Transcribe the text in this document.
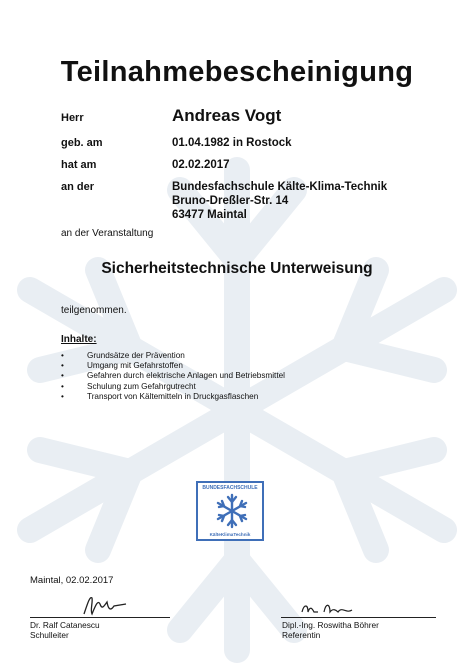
Teilnahmebescheinigung
Herr	Andreas Vogt
geb. am	01.04.1982 in Rostock
hat am	02.02.2017
an der	Bundesfachschule Kälte-Klima-Technik
Bruno-Dreßler-Str. 14
63477 Maintal
an der Veranstaltung
Sicherheitstechnische Unterweisung
teilgenommen.
Inhalte:
•	Grundsätze der Prävention
•	Umgang mit Gefahrstoffen
•	Gefahren durch elektrische Anlagen und Betriebsmittel
•	Schulung zum Gefahrgutrecht
•	Transport von Kältemitteln in Druckgasflaschen
BUNDESFACHSCHULE
KälteKlimaTechnik
Maintal, 02.02.2017
Dr. Ralf Catanescu
Schulleiter
Dipl.-Ing. Roswitha Böhrer
Referentin
